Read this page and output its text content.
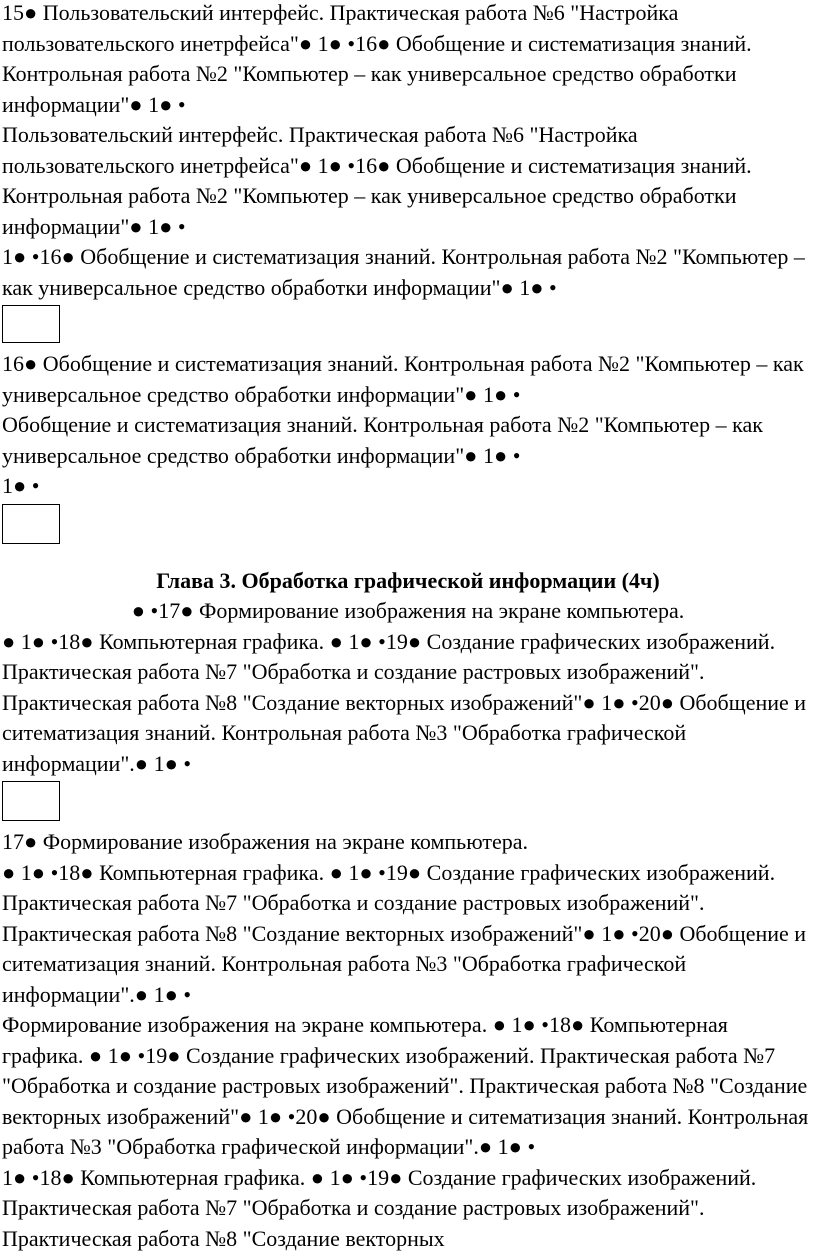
15● Пользовательский интерфейс. Практическая работа №6 "Настройка пользовательского инетрфейса"● 1● •16● Обобщение и систематизация знаний. Контрольная работа №2 "Компьютер – как универсальное средство обработки информации"● 1● •

Пользовательский интерфейс. Практическая работа №6 "Настройка пользовательского инетрфейса"● 1● •16● Обобщение и систематизация знаний. Контрольная работа №2 "Компьютер – как универсальное средство обработки информации"● 1● •

1● •16● Обобщение и систематизация знаний. Контрольная работа №2 "Компьютер – как универсальное средство обработки информации"● 1● •

16● Обобщение и систематизация знаний. Контрольная работа №2 "Компьютер – как универсальное средство обработки информации"● 1● •

Обобщение и систематизация знаний. Контрольная работа №2 "Компьютер – как универсальное средство обработки информации"● 1● •

1● •

Глава 3. Обработка графической информации (4ч)

● •17● Формирование изображения на экране компьютера.

● 1● •18● Компьютерная графика. ● 1● •19● Создание графических изображений. Практическая работа №7 "Обработка и создание растровых изображений". Практическая работа №8 "Создание векторных изображений"● 1● •20● Обобщение и ситематизация знаний. Контрольная работа №3 "Обработка графической информации".● 1● •

17● Формирование изображения на экране компьютера.

● 1● •18● Компьютерная графика. ● 1● •19● Создание графических изображений. Практическая работа №7 "Обработка и создание растровых изображений". Практическая работа №8 "Создание векторных изображений"● 1● •20● Обобщение и ситематизация знаний. Контрольная работа №3 "Обработка графической информации".● 1● •

Формирование изображения на экране компьютера. ● 1● •18● Компьютерная графика. ● 1● •19● Создание графических изображений. Практическая работа №7 "Обработка и создание растровых изображений". Практическая работа №8 "Создание векторных изображений"● 1● •20● Обобщение и ситематизация знаний. Контрольная работа №3 "Обработка графической информации".● 1● •

1● •18● Компьютерная графика. ● 1● •19● Создание графических изображений. Практическая работа №7 "Обработка и создание растровых изображений". Практическая работа №8 "Создание векторных
